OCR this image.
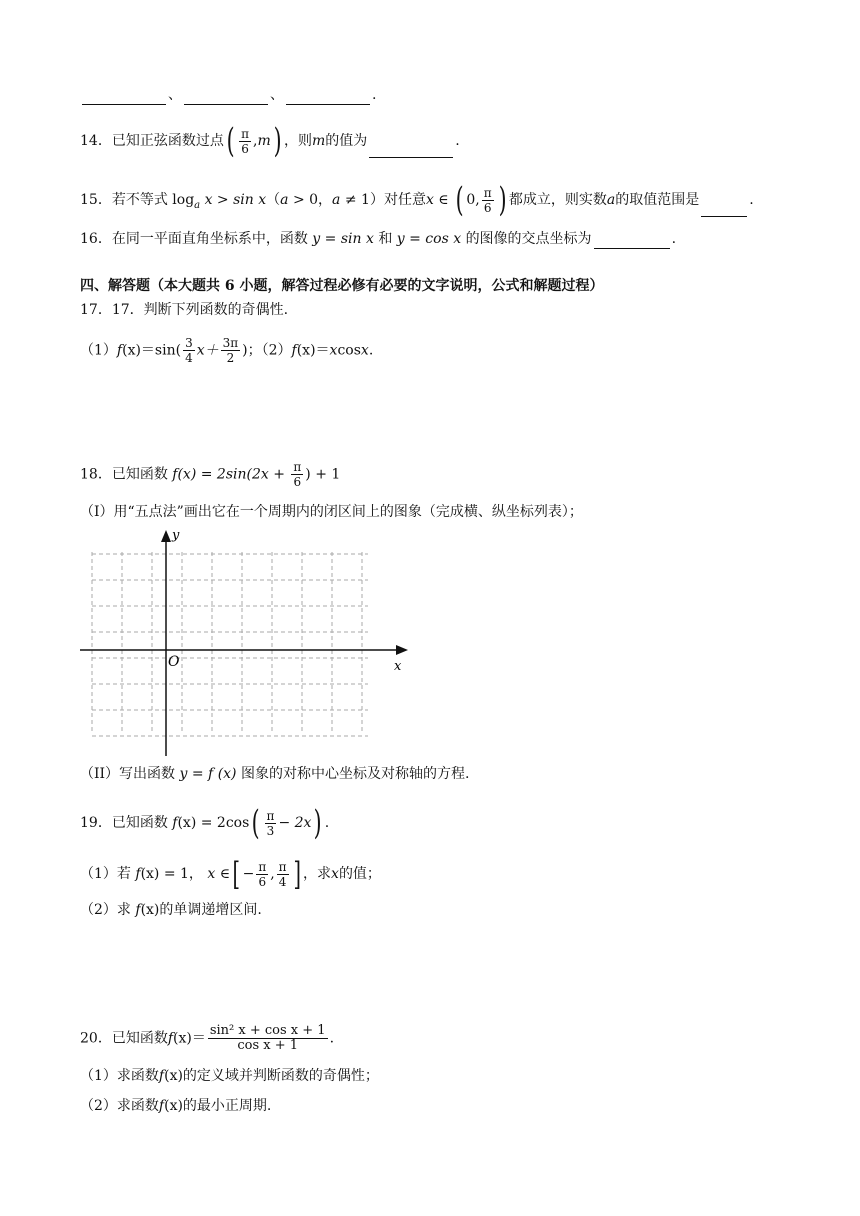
、	、	.
14．已知正弦函数过点( $\frac{\pi}{6} ,m$) ，则m的值为	.
15．若不等式 $\log_a x > \sin x(a > 0$，a ≠ 1）对任意x ∈ ( 0, $\frac{\pi}{6}$ ) 都成立，则实数a的取值范围是	.
16．在同一平面直角坐标系中，函数 y = sin x 和 y = cos x 的图像的交点坐标为	.
四、解答题（本大题共 6 小题，解答过程必修有必要的文字说明，公式和解题过程）
17．17．判断下列函数的奇偶性.
$(1)f(x)=\sin( \frac{3}{4} x+ \frac{3\pi}{2}$ )；（2）f(x)＝xcosx.
18．已知函数 $f(x) = 2\sin(2x + \frac{\pi}{6}$ ) + 1
（I）用“五点法”画出它在一个周期内的闭区间上的图象（完成横、纵坐标列表）；
y
x
O
（II）写出函数 y = f (x) 图象的对称中心坐标及对称轴的方程.
19．已知函数 $f(x) = 2\cos( \frac{\pi}{3} - 2x)$ .
（1）若 f(x) = 1， x ∈[ − $\frac{\pi}{6}$ , $\frac{\pi}{4}$ ] ，求x的值；
（2）求 f(x)的单调递增区间.
20．已知函数$f(x)= \frac{\text{sin² x + cos x + 1}}{\text{cos x + 1}}$ .
（1）求函数f(x)的定义域并判断函数的奇偶性；
（2）求函数f(x)的最小正周期.
